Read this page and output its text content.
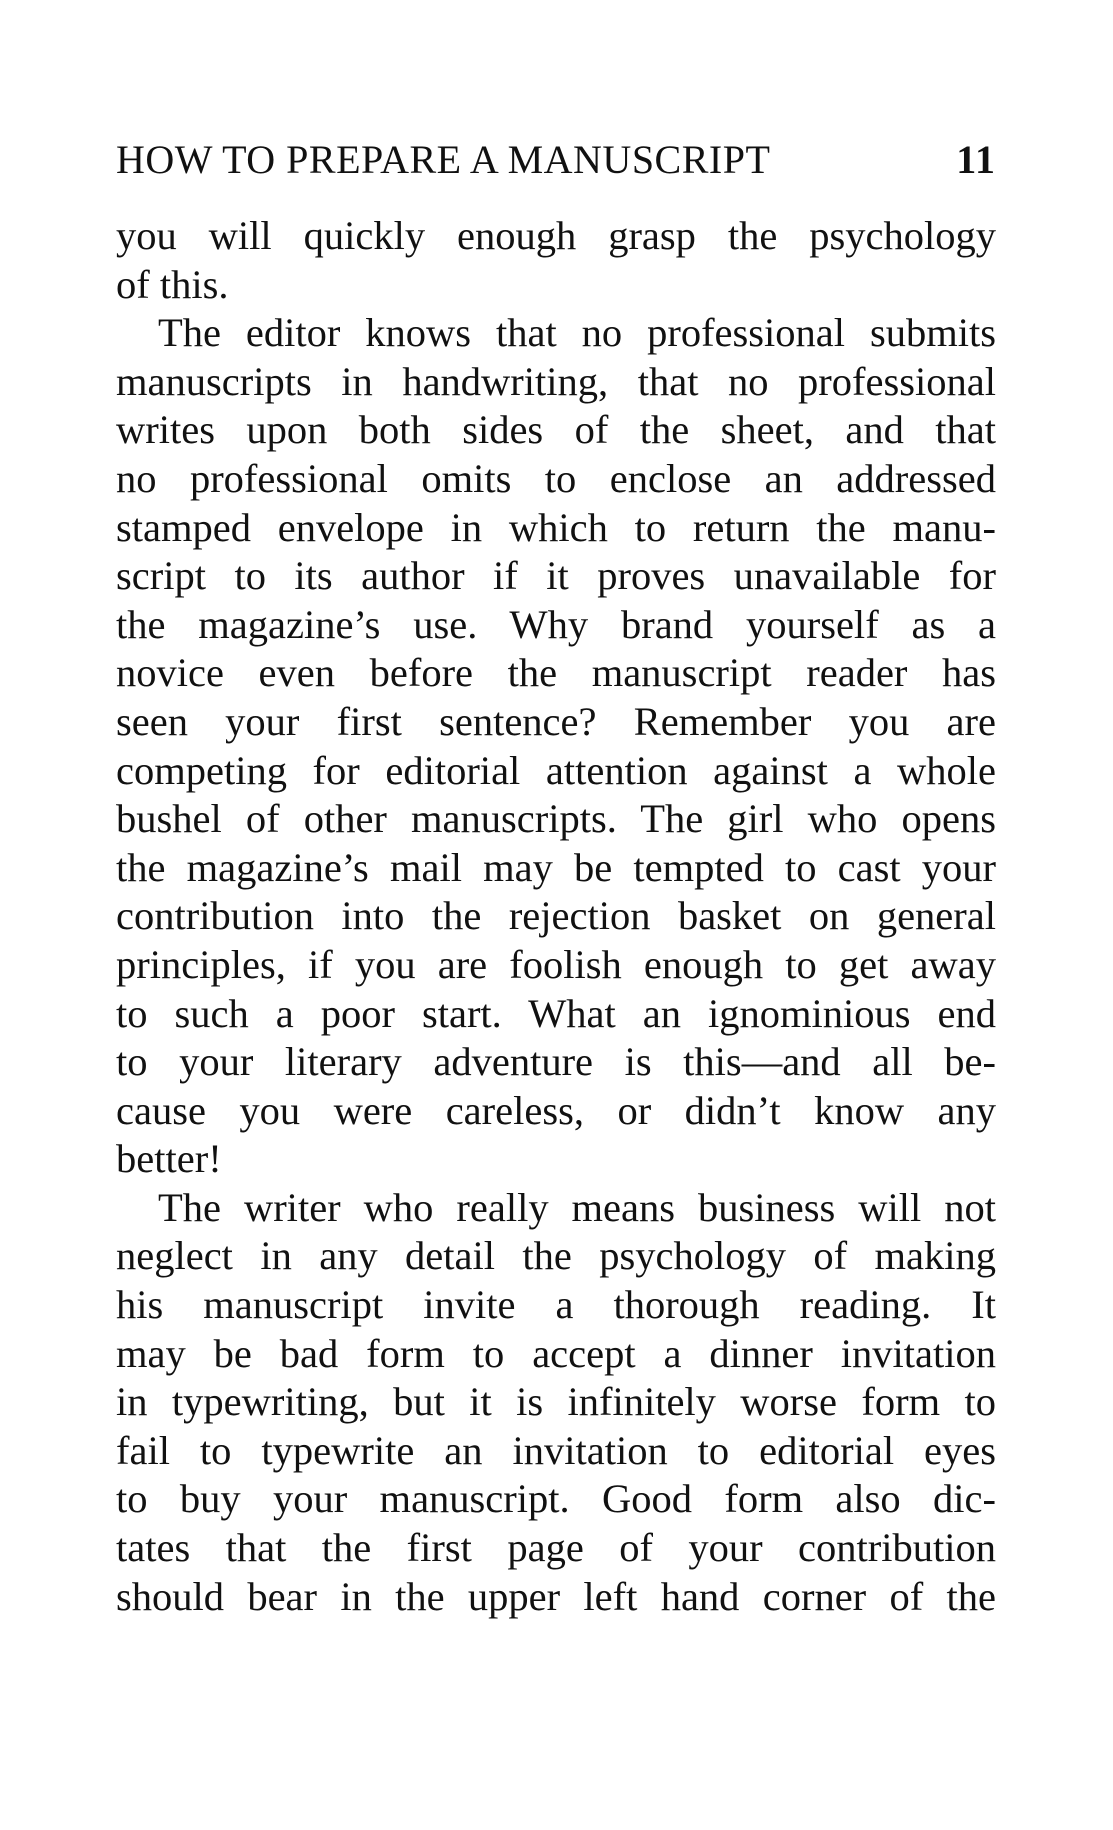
HOW TO PREPARE A MANUSCRIPT	11
you will quickly enough grasp the psychology
of this.
The editor knows that no professional submits
manuscripts in handwriting, that no professional
writes upon both sides of the sheet, and that
no professional omits to enclose an addressed
stamped envelope in which to return the manu-
script to its author if it proves unavailable for
the magazine’s use. Why brand yourself as a
novice even before the manuscript reader has
seen your first sentence? Remember you are
competing for editorial attention against a whole
bushel of other manuscripts. The girl who opens
the magazine’s mail may be tempted to cast your
contribution into the rejection basket on general
principles, if you are foolish enough to get away
to such a poor start. What an ignominious end
to your literary adventure is this—and all be-
cause you were careless, or didn’t know any
better!
The writer who really means business will not
neglect in any detail the psychology of making
his manuscript invite a thorough reading. It
may be bad form to accept a dinner invitation
in typewriting, but it is infinitely worse form to
fail to typewrite an invitation to editorial eyes
to buy your manuscript. Good form also dic-
tates that the first page of your contribution
should bear in the upper left hand corner of the
